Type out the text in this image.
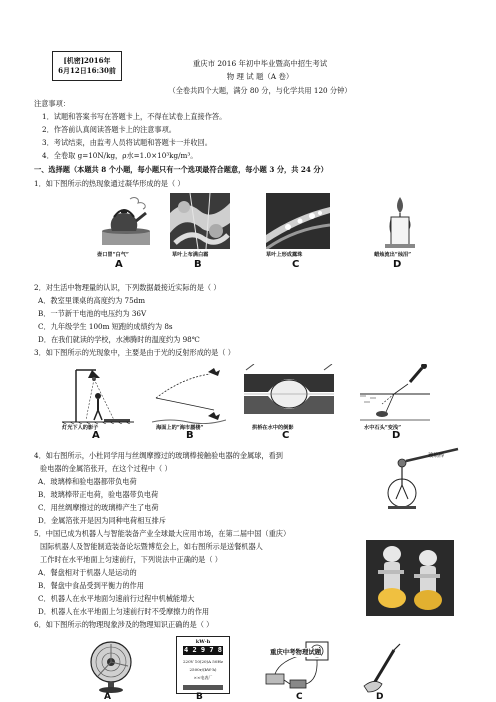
[机密]2016年
6月12日16:30前
重庆市 2016 年初中毕业暨高中招生考试
物 理 试 题（A 卷）
（全卷共四个大题，满分 80 分，与化学共用 120 分钟）
注意事项：
1．试题和答案书写在答题卡上，不得在试卷上直接作答。
2．作答前认真阅读答题卡上的注意事项。
3．考试结束，由监考人员将试题和答题卡一并收回。
4．全卷取 g=10N/kg，ρ水=1.0×10³kg/m³。
一、选择题（本题共 8 个小题，每小题只有一个选项最符合题意，每小题 3 分，共 24 分）
1．如下图所示的热现象通过凝华形成的是（ ）
壶口冒“白气”
A
草叶上布满白霜
B
草叶上形成露珠
C
蜡烛流出“烛泪”
D
2．对生活中物理量的认识，下列数据最接近实际的是（ ）
A．教室里课桌的高度约为 75dm
B．一节新干电池的电压约为 36V
C．九年级学生 100m 短跑的成绩约为 8s
D．在我们就读的学校，水沸腾时的温度约为 98℃
3．如下图所示的光现象中，主要是由于光的反射形成的是（ ）
灯光下人的影子
A
海面上的“海市蜃楼”
B
拱桥在水中的倒影
C
水中石头“变浅”
D
4．如右图所示，小杜同学用与丝绸摩擦过的玻璃棒接触验电器的金属球，看到
验电器的金属箔张开，在这个过程中（ ）
A．玻璃棒和验电器都带负电荷
B．玻璃棒带正电荷，验电器带负电荷
C．用丝绸摩擦过的玻璃棒产生了电荷
D．金属箔张开是因为同种电荷相互排斥
玻璃棒
5．中国已成为机器人与智能装备产业全球最大应用市场，在第二届中国（重庆）
国际机器人及智能制造装备论坛暨博览会上，如右图所示是送餐机器人
工作时在水平地面上匀速前行，下列说法中正确的是（ ）
A．餐盘相对于机器人是运动的
B．餐盘中食品受到平衡力的作用
C．机器人在水平地面匀速前行过程中机械能增大
D．机器人在水平地面上匀速前行时不受摩擦力的作用
6．如下图所示的物理现象涉及的物理知识正确的是（ ）
A
kW·h
4 2 9 7 8
220V 10(20)A 50Hz
2500r/(kW·h)
××电表厂
B
重庆中考物理试题
C	D
